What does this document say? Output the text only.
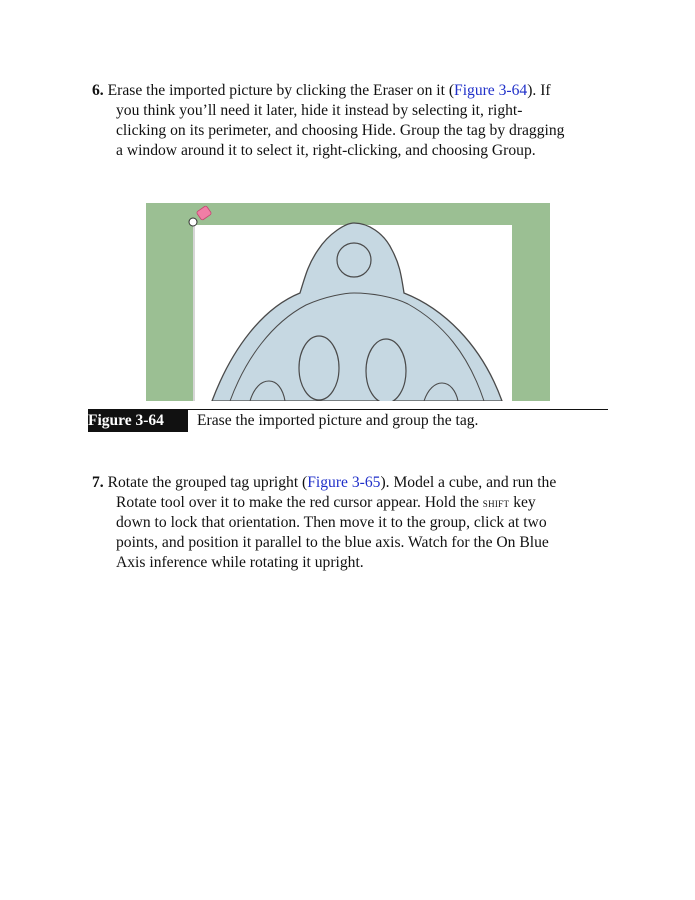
6. Erase the imported picture by clicking the Eraser on it (Figure 3-64). If
you think you’ll need it later, hide it instead by selecting it, right-
clicking on its perimeter, and choosing Hide. Group the tag by dragging
a window around it to select it, right-clicking, and choosing Group.
Figure 3-64	Erase the imported picture and group the tag.
7. Rotate the grouped tag upright (Figure 3-65). Model a cube, and run the
Rotate tool over it to make the red cursor appear. Hold the shift key
down to lock that orientation. Then move it to the group, click at two
points, and position it parallel to the blue axis. Watch for the On Blue
Axis inference while rotating it upright.
